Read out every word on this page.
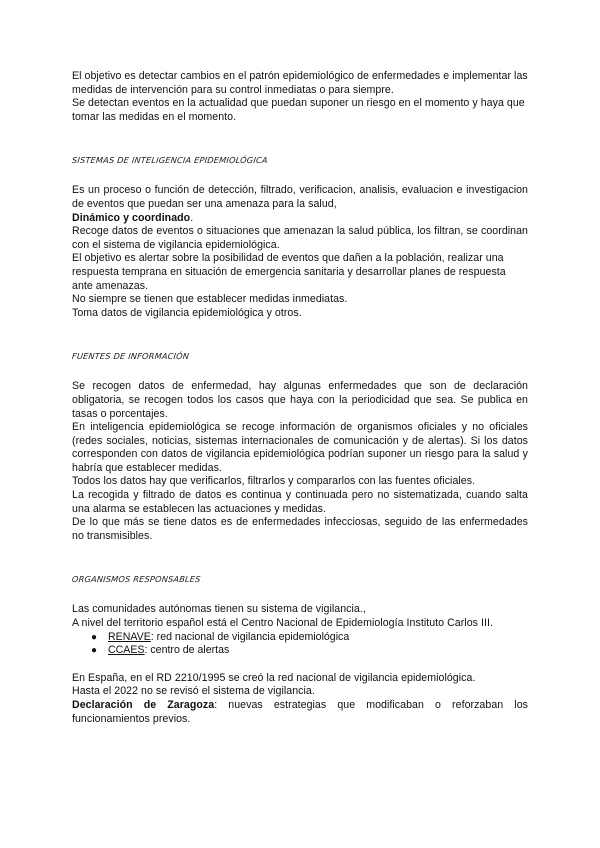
El objetivo es detectar cambios en el patrón epidemiológico de enfermedades e implementar las medidas de intervención para su control inmediatas o para siempre.

Se detectan eventos en la actualidad que puedan suponer un riesgo en el momento y haya que tomar las medidas en el momento.

SISTEMAS DE INTELIGENCIA EPIDEMIOLÓGICA

Es un proceso o función de detección, filtrado, verificacion, analisis, evaluacion e investigacion de eventos que puedan ser una amenaza para la salud,

Dinámico y coordinado.

Recoge datos de eventos o situaciones que amenazan la salud pública, los filtran, se coordinan con el sistema de vigilancia epidemiológica.

El objetivo es alertar sobre la posibilidad de eventos que dañen a la población, realizar una respuesta temprana en situación de emergencia sanitaria y desarrollar planes de respuesta ante amenazas.

No siempre se tienen que establecer medidas inmediatas.

Toma datos de vigilancia epidemiológica y otros.

FUENTES DE INFORMACIÓN

Se recogen datos de enfermedad, hay algunas enfermedades que son de declaración obligatoria, se recogen todos los casos que haya con la periodicidad que sea. Se publica en tasas o porcentajes.

En inteligencia epidemiológica se recoge información de organismos oficiales y no oficiales (redes sociales, noticias, sistemas internacionales de comunicación y de alertas). Si los datos corresponden con datos de vigilancia epidemiológica podrían suponer un riesgo para la salud y habría que establecer medidas.

Todos los datos hay que verificarlos, filtrarlos y compararlos con las fuentes oficiales.

La recogida y filtrado de datos es continua y continuada pero no sistematizada, cuando salta una alarma se establecen las actuaciones y medidas.

De lo que más se tiene datos es de enfermedades infecciosas, seguido de las enfermedades no transmisibles.

ORGANISMOS RESPONSABLES

Las comunidades autónomas tienen su sistema de vigilancia.,

A nivel del territorio español está el Centro Nacional de Epidemiología Instituto Carlos III.

● RENAVE: red nacional de vigilancia epidemiológica
● CCAES: centro de alertas

En España, en el RD 2210/1995 se creó la red nacional de vigilancia epidemiológica.

Hasta el 2022 no se revisó el sistema de vigilancia.

Declaración de Zaragoza: nuevas estrategias que modificaban o reforzaban los funcionamientos previos.
